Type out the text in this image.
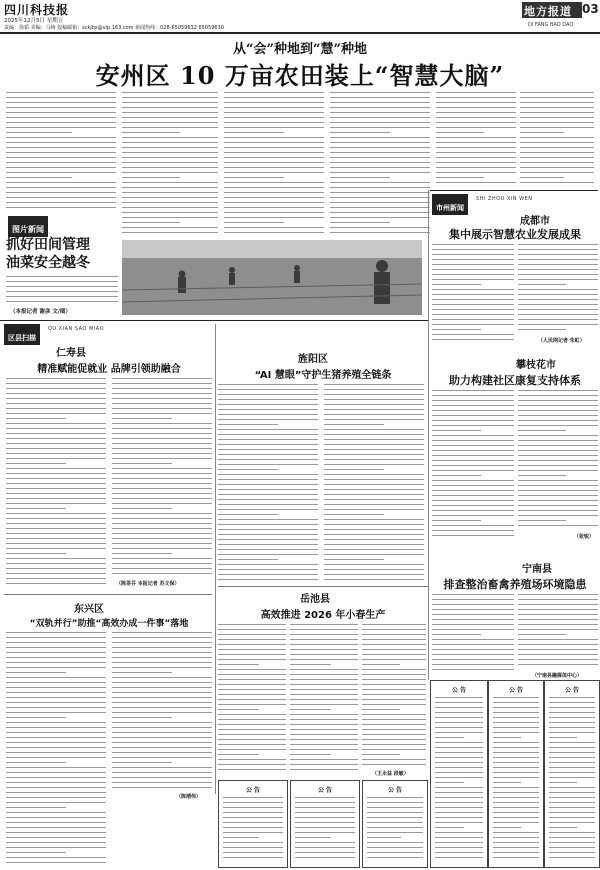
四川科技报
2025年12月5日 星期五
责编：徐韬 美编：马梅 投稿邮箱：sckjbs@vip.163.com 新闻热线：028-65059632 65059630
地方报道 03
DI FANG BAO DAO
从“会”种地到“慧”种地
安州区 10 万亩农田装上“智慧大脑”
图片新闻
抓好田间管理
油菜安全越冬
（本报记者 谢彦 文/图）
市州新闻
SHI ZHOU XIN WEN
成都市
集中展示智慧农业发展成果
（人民网记者 朱虹）
攀枝花市
助力构建社区康复支持体系
（张锐）
宁南县
排查整治畜禽养殖场环境隐患
（宁南县融媒体中心）
区县扫描
QU XIAN SAO MIAO
仁寿县
精准赋能促就业 品牌引领助融合
（陈茶芬 本报记者 苏文保）
旌阳区
“AI 慧眼”守护生猪养殖全链条
东兴区
“双轨并行”助推“高效办成一件事”落地
（陈靖伟）
岳池县
高效推进 2026 年小春生产
（王永益 段敏）
公 告	公 告	公 告
公 告	公 告	公 告
